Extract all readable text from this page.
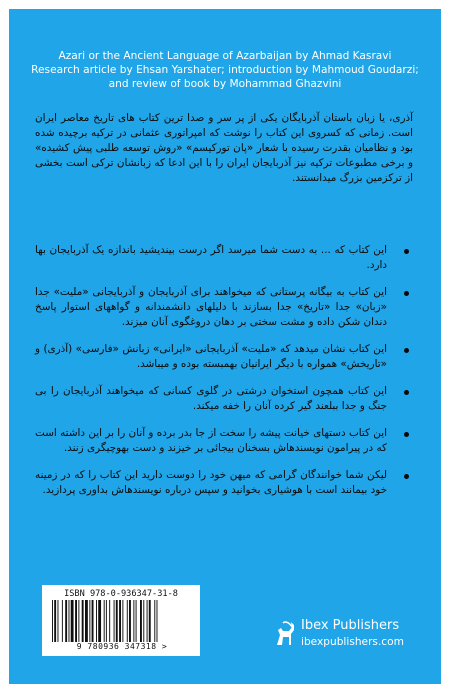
Azari or the Ancient Language of Azarbaijan by Ahmad Kasravi
Research article by Ehsan Yarshater; introduction by Mahmoud Goudarzi;
and review of book by Mohammad Ghazvini
آذری، یا زبان باستان آذربایگان یکی از پر سر و صدا ترین کتاب های تاریخ معاصر ایران است. زمانی که کسروی این کتاب را نوشت که امپراتوری عثمانی در ترکیه برچیده شده بود و نظامیان بقدرت رسیده با شعار «پان تورکیسم» «روش توسعه طلبی پیش کشیده» و برخی مطبوعات ترکیه نیز آذربایجان ایران را با این ادعا که زبانشان ترکی است بخشی از ترکزمین بزرگ میدانستند.
این کتاب که ... به دست شما میرسد اگر درست بیندیشید باندازه یک آذربایجان بها دارد.
این کتاب به بیگانه پرستانی که میخواهند برای آذربایجان و آذربایجانی «ملیت» جدا «زبان» جدا «تاریخ» جدا بسازند با دلیلهای دانشمندانه و گواههای استوار پاسخ دندان شکن داده و مشت سختی بر دهان دروغگوی آنان میزند.
این کتاب نشان میدهد که «ملیت» آذربایجانی «ایرانی» زبانش «فارسی» (آذری) و «تاریخش» همواره با دیگر ایرانیان بهمبسته بوده و میباشد.
این کتاب همچون استخوان درشتی در گلوی کسانی که میخواهند آذربایجان را بی جنگ و جدا ببلعند گیر کرده آنان را خفه میکند.
این کتاب دستهای خیانت پیشه را سخت از جا بدر برده و آنان را بر این داشته است که در پیرامون نویسندهاش بسخنان بیجائی بر خیزند و دست بهوچیگری زنند.
لیکن شما خوانندگان گرامی که میهن خود را دوست دارید این کتاب را که در زمینه خود بیمانند است با هوشیاری بخوانید و سپس درباره نویسندهاش بداوری پردازید.
ISBN 978-0-936347-31-8
9 780936 347318 >
Ibex Publishers
ibexpublishers.com
